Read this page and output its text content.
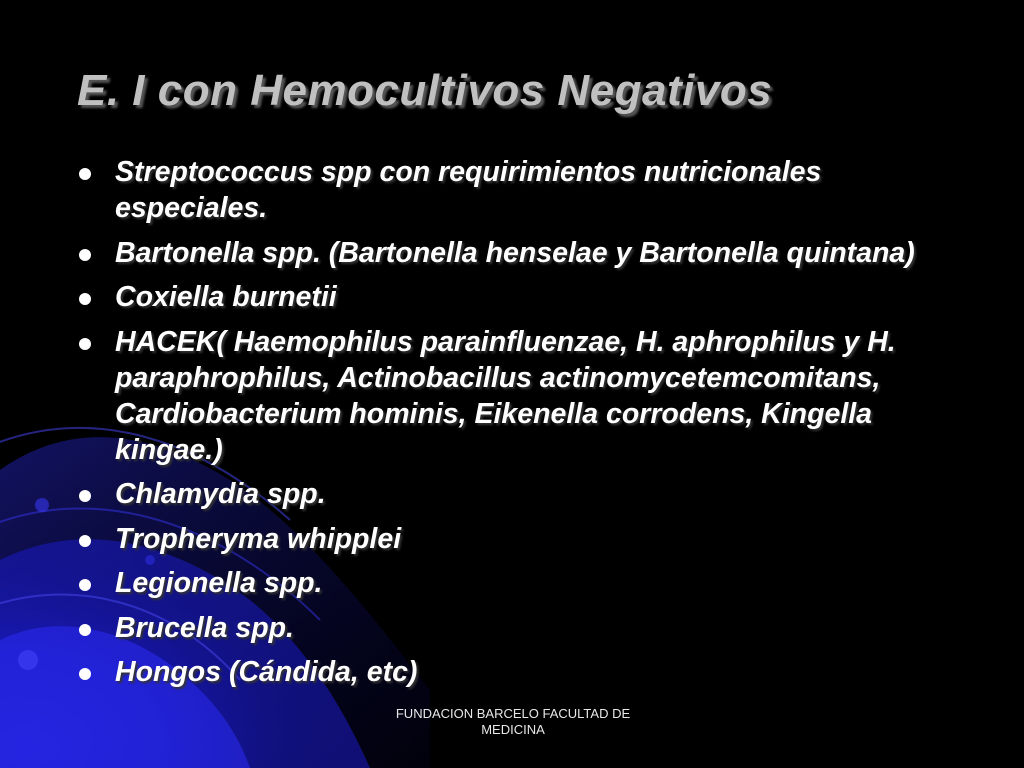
E. I con Hemocultivos Negativos
Streptococcus spp con requirimientos nutricionales especiales.
Bartonella spp. (Bartonella henselae y Bartonella quintana)
Coxiella burnetii
HACEK( Haemophilus parainfluenzae, H. aphrophilus y H. paraphrophilus, Actinobacillus actinomycetemcomitans, Cardiobacterium hominis, Eikenella corrodens, Kingella kingae.)
Chlamydia spp.
Tropheryma whipplei
Legionella spp.
Brucella spp.
Hongos (Cándida, etc)
FUNDACION BARCELO FACULTAD DE MEDICINA
